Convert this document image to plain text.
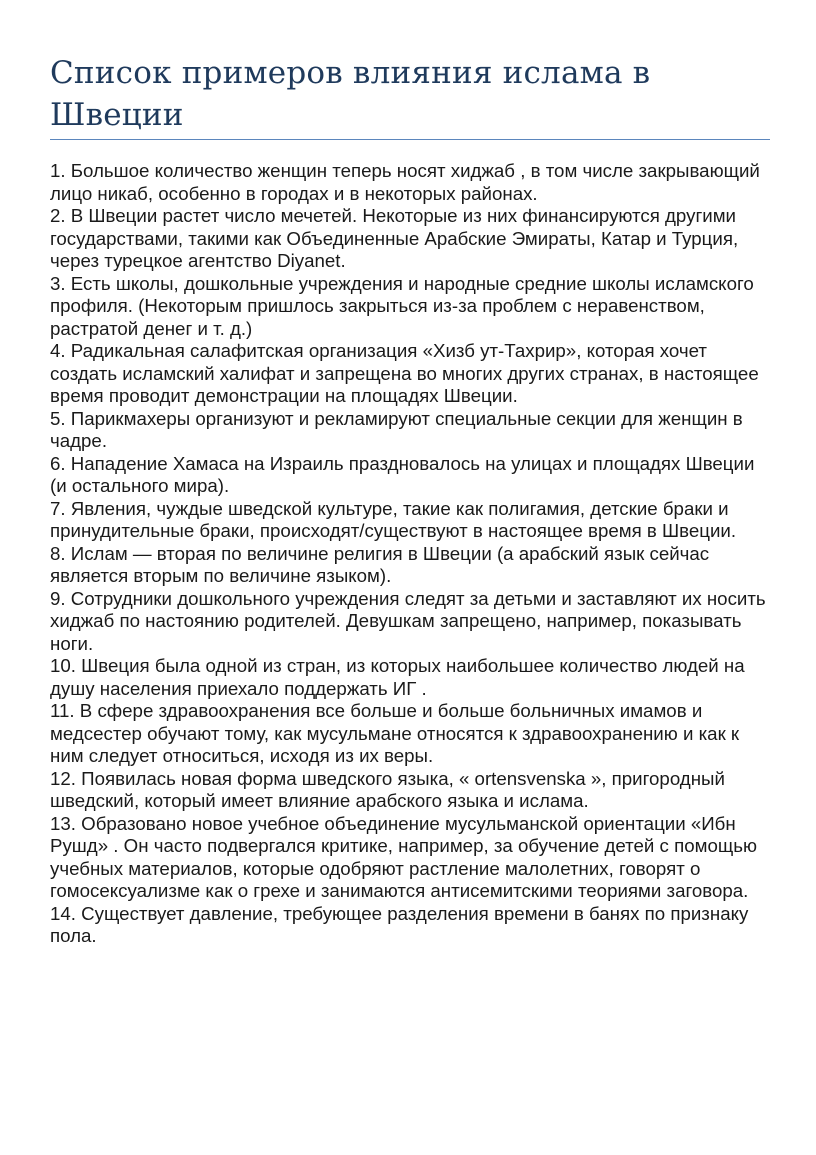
Список примеров влияния ислама в Швеции
1. Большое количество женщин теперь носят хиджаб , в том числе закрывающий лицо никаб, особенно в городах и в некоторых районах.
2. В Швеции растет число мечетей. Некоторые из них финансируются другими государствами, такими как Объединенные Арабские Эмираты, Катар и Турция, через турецкое агентство Diyanet.
3. Есть школы, дошкольные учреждения и народные средние школы исламского профиля. (Некоторым пришлось закрыться из-за проблем с неравенством, растратой денег и т. д.)
4. Радикальная салафитская организация «Хизб ут-Тахрир», которая хочет создать исламский халифат и запрещена во многих других странах, в настоящее время проводит демонстрации на площадях Швеции.
5. Парикмахеры организуют и рекламируют специальные секции для женщин в чадре.
6. Нападение Хамаса на Израиль праздновалось на улицах и площадях Швеции (и остального мира).
7. Явления, чуждые шведской культуре, такие как полигамия, детские браки и принудительные браки, происходят/существуют в настоящее время в Швеции.
8. Ислам — вторая по величине религия в Швеции (а арабский язык сейчас является вторым по величине языком).
9. Сотрудники дошкольного учреждения следят за детьми и заставляют их носить хиджаб по настоянию родителей. Девушкам запрещено, например, показывать ноги.
10. Швеция была одной из стран, из которых наибольшее количество людей на душу населения приехало поддержать ИГ .
11. В сфере здравоохранения все больше и больше больничных имамов и медсестер обучают тому, как мусульмане относятся к здравоохранению и как к ним следует относиться, исходя из их веры.
12. Появилась новая форма шведского языка, « ortensvenska », пригородный шведский, который имеет влияние арабского языка и ислама.
13. Образовано новое учебное объединение мусульманской ориентации «Ибн Рушд» . Он часто подвергался критике, например, за обучение детей с помощью учебных материалов, которые одобряют растление малолетних, говорят о гомосексуализме как о грехе и занимаются антисемитскими теориями заговора.
14. Существует давление, требующее разделения времени в банях по признаку пола.
